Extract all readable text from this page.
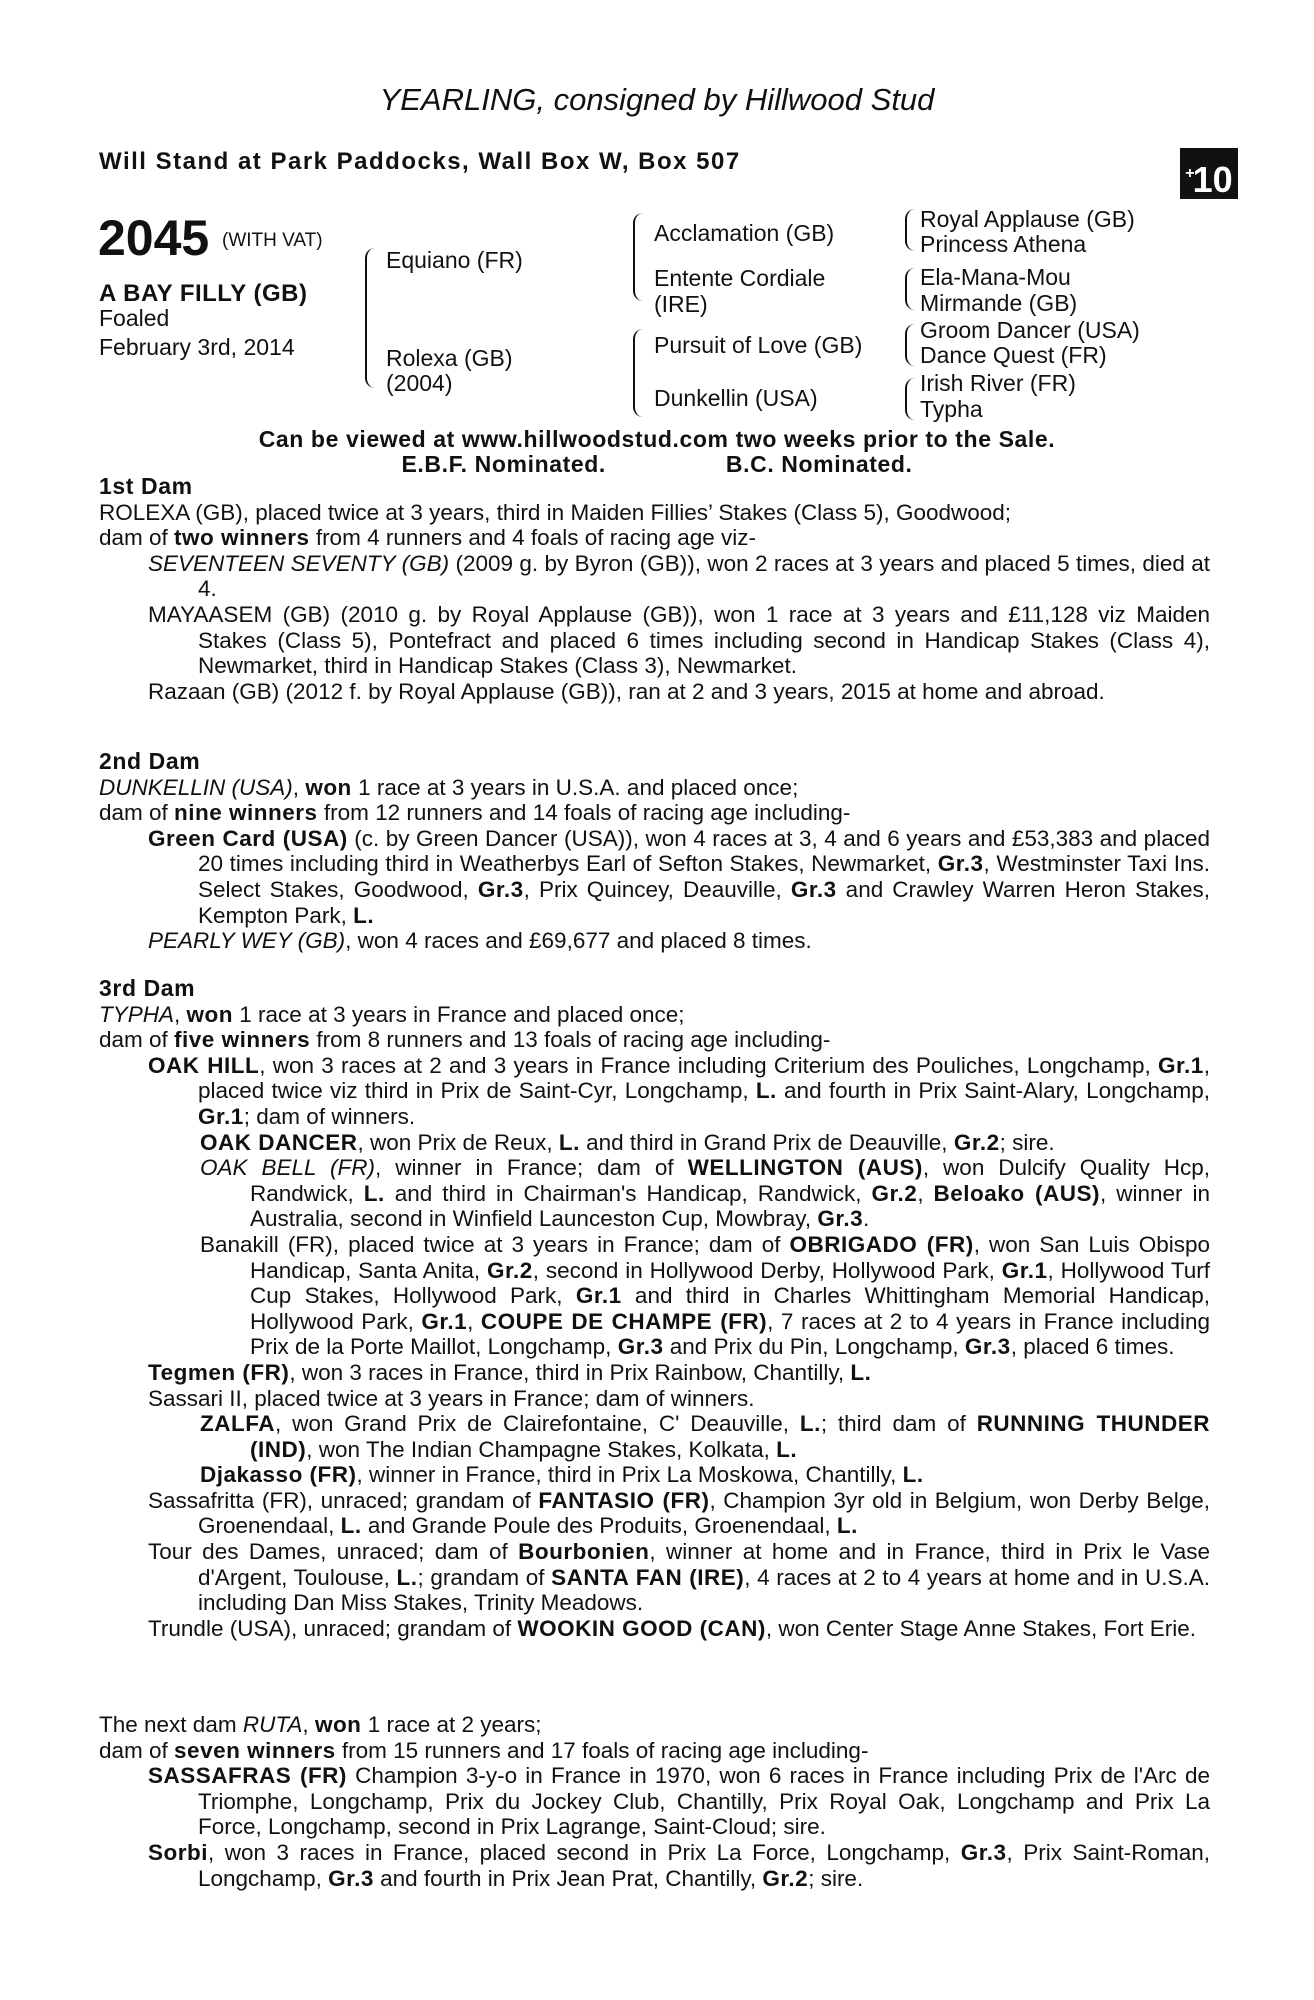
YEARLING, consigned by Hillwood Stud
Will Stand at Park Paddocks, Wall Box W, Box 507	+10
2045 (WITH VAT)
A BAY FILLY (GB)
Foaled
February 3rd, 2014
Equiano (FR)
Rolexa (GB)
(2004)
Acclamation (GB)
Entente Cordiale
(IRE)
Pursuit of Love (GB)
Dunkellin (USA)
Royal Applause (GB)
Princess Athena
Ela-Mana-Mou
Mirmande (GB)
Groom Dancer (USA)
Dance Quest (FR)
Irish River (FR)
Typha
Can be viewed at www.hillwoodstud.com two weeks prior to the Sale.
E.B.F. Nominated.	B.C. Nominated.

1st Dam

ROLEXA (GB), placed twice at 3 years, third in Maiden Fillies’ Stakes (Class 5), Goodwood;

dam of two winners from 4 runners and 4 foals of racing age viz-

SEVENTEEN SEVENTY (GB) (2009 g. by Byron (GB)), won 2 races at 3 years and placed 5 times, died at 4.

MAYAASEM (GB) (2010 g. by Royal Applause (GB)), won 1 race at 3 years and £11,128 viz Maiden Stakes (Class 5), Pontefract and placed 6 times including second in Handicap Stakes (Class 4), Newmarket, third in Handicap Stakes (Class 3), Newmarket.

Razaan (GB) (2012 f. by Royal Applause (GB)), ran at 2 and 3 years, 2015 at home and abroad.

2nd Dam

DUNKELLIN (USA), won 1 race at 3 years in U.S.A. and placed once;

dam of nine winners from 12 runners and 14 foals of racing age including-

Green Card (USA) (c. by Green Dancer (USA)), won 4 races at 3, 4 and 6 years and £53,383 and placed 20 times including third in Weatherbys Earl of Sefton Stakes, Newmarket, Gr.3, Westminster Taxi Ins. Select Stakes, Goodwood, Gr.3, Prix Quincey, Deauville, Gr.3 and Crawley Warren Heron Stakes, Kempton Park, L.

PEARLY WEY (GB), won 4 races and £69,677 and placed 8 times.

3rd Dam

TYPHA, won 1 race at 3 years in France and placed once;

dam of five winners from 8 runners and 13 foals of racing age including-

OAK HILL, won 3 races at 2 and 3 years in France including Criterium des Pouliches, Longchamp, Gr.1, placed twice viz third in Prix de Saint-Cyr, Longchamp, L. and fourth in Prix Saint-Alary, Longchamp, Gr.1; dam of winners.

OAK DANCER, won Prix de Reux, L. and third in Grand Prix de Deauville, Gr.2; sire.

OAK BELL (FR), winner in France; dam of WELLINGTON (AUS), won Dulcify Quality Hcp, Randwick, L. and third in Chairman's Handicap, Randwick, Gr.2, Beloako (AUS), winner in Australia, second in Winfield Launceston Cup, Mowbray, Gr.3.

Banakill (FR), placed twice at 3 years in France; dam of OBRIGADO (FR), won San Luis Obispo Handicap, Santa Anita, Gr.2, second in Hollywood Derby, Hollywood Park, Gr.1, Hollywood Turf Cup Stakes, Hollywood Park, Gr.1 and third in Charles Whittingham Memorial Handicap, Hollywood Park, Gr.1, COUPE DE CHAMPE (FR), 7 races at 2 to 4 years in France including Prix de la Porte Maillot, Longchamp, Gr.3 and Prix du Pin, Longchamp, Gr.3, placed 6 times.

Tegmen (FR), won 3 races in France, third in Prix Rainbow, Chantilly, L.

Sassari II, placed twice at 3 years in France; dam of winners.

ZALFA, won Grand Prix de Clairefontaine, C' Deauville, L.; third dam of RUNNING THUNDER (IND), won The Indian Champagne Stakes, Kolkata, L.

Djakasso (FR), winner in France, third in Prix La Moskowa, Chantilly, L.

Sassafritta (FR), unraced; grandam of FANTASIO (FR), Champion 3yr old in Belgium, won Derby Belge, Groenendaal, L. and Grande Poule des Produits, Groenendaal, L.

Tour des Dames, unraced; dam of Bourbonien, winner at home and in France, third in Prix le Vase d'Argent, Toulouse, L.; grandam of SANTA FAN (IRE), 4 races at 2 to 4 years at home and in U.S.A. including Dan Miss Stakes, Trinity Meadows.

Trundle (USA), unraced; grandam of WOOKIN GOOD (CAN), won Center Stage Anne Stakes, Fort Erie.

The next dam RUTA, won 1 race at 2 years;

dam of seven winners from 15 runners and 17 foals of racing age including-

SASSAFRAS (FR) Champion 3-y-o in France in 1970, won 6 races in France including Prix de l'Arc de Triomphe, Longchamp, Prix du Jockey Club, Chantilly, Prix Royal Oak, Longchamp and Prix La Force, Longchamp, second in Prix Lagrange, Saint-Cloud; sire.

Sorbi, won 3 races in France, placed second in Prix La Force, Longchamp, Gr.3, Prix Saint-Roman, Longchamp, Gr.3 and fourth in Prix Jean Prat, Chantilly, Gr.2; sire.
